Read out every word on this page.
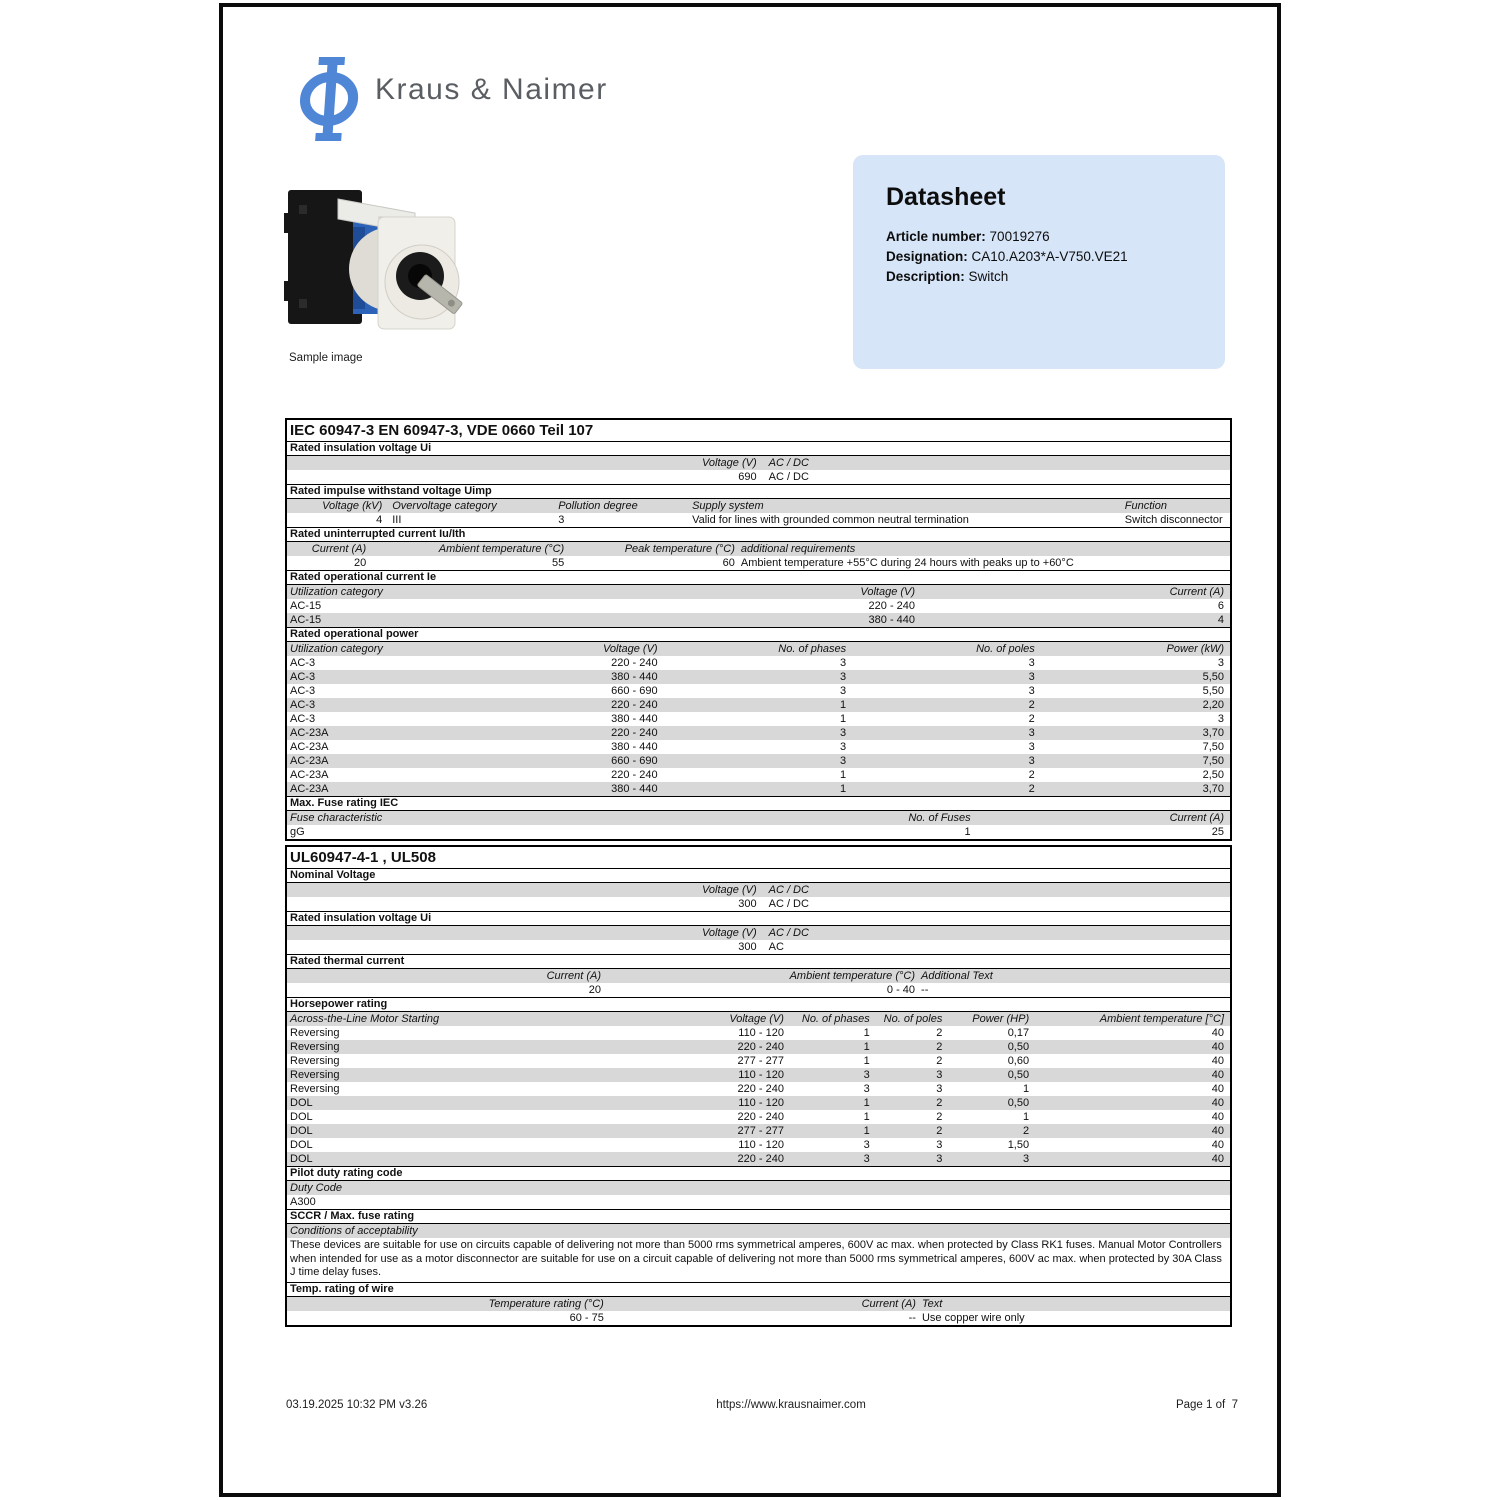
Kraus & Naimer
Sample image
Datasheet
Article number: 70019276
Designation: CA10.A203*A-V750.VE21
Description: Switch
IEC 60947-3 EN 60947-3, VDE 0660 Teil 107
Rated insulation voltage Ui
Voltage (V)	AC / DC
690	AC / DC
Rated impulse withstand voltage Uimp
Voltage (kV) Overvoltage category	Pollution degree	Supply system	Function
4 III	3	Valid for lines with grounded common neutral termination	Switch disconnector
Rated uninterrupted current Iu/Ith
Current (A)	Ambient temperature (°C)	Peak temperature (°C) additional requirements
20	55	60 Ambient temperature +55°C during 24 hours with peaks up to +60°C
Rated operational current Ie
Utilization category	Voltage (V)	Current (A)
AC-15	220 - 240	6
AC-15	380 - 440	4
Rated operational power
Utilization category	Voltage (V)	No. of phases	No. of poles	Power (kW)
AC-3	220 - 240	3	3	3
AC-3	380 - 440	3	3	5,50
AC-3	660 - 690	3	3	5,50
AC-3	220 - 240	1	2	2,20
AC-3	380 - 440	1	2	3
AC-23A	220 - 240	3	3	3,70
AC-23A	380 - 440	3	3	7,50
AC-23A	660 - 690	3	3	7,50
AC-23A	220 - 240	1	2	2,50
AC-23A	380 - 440	1	2	3,70
Max. Fuse rating IEC
Fuse characteristic	No. of Fuses	Current (A)
gG	1	25
UL60947-4-1 , UL508
Nominal Voltage
Voltage (V)	AC / DC
300	AC / DC
Rated insulation voltage Ui
Voltage (V)	AC / DC
300	AC
Rated thermal current
Current (A)	Ambient temperature (°C) Additional Text
20	0 - 40 --
Horsepower rating
Across-the-Line Motor Starting	Voltage (V)	No. of phases	No. of poles	Power (HP)	Ambient temperature [°C]
Reversing	110 - 120	1	2	0,17	40
Reversing	220 - 240	1	2	0,50	40
Reversing	277 - 277	1	2	0,60	40
Reversing	110 - 120	3	3	0,50	40
Reversing	220 - 240	3	3	1	40
DOL	110 - 120	1	2	0,50	40
DOL	220 - 240	1	2	1	40
DOL	277 - 277	1	2	2	40
DOL	110 - 120	3	3	1,50	40
DOL	220 - 240	3	3	3	40
Pilot duty rating code
Duty Code
A300
SCCR / Max. fuse rating
Conditions of acceptability
These devices are suitable for use on circuits capable of delivering not more than 5000 rms symmetrical amperes, 600V ac max. when protected by Class RK1 fuses. Manual Motor Controllers when intended for use as a motor disconnector are suitable for use on a circuit capable of delivering not more than 5000 rms symmetrical amperes, 600V ac max. when protected by 30A Class J time delay fuses.
Temp. rating of wire
Temperature rating (°C)	Current (A) Text
60 - 75	-- Use copper wire only
03.19.2025 10:32 PM v3.26	https://www.krausnaimer.com	Page 1 of  7
